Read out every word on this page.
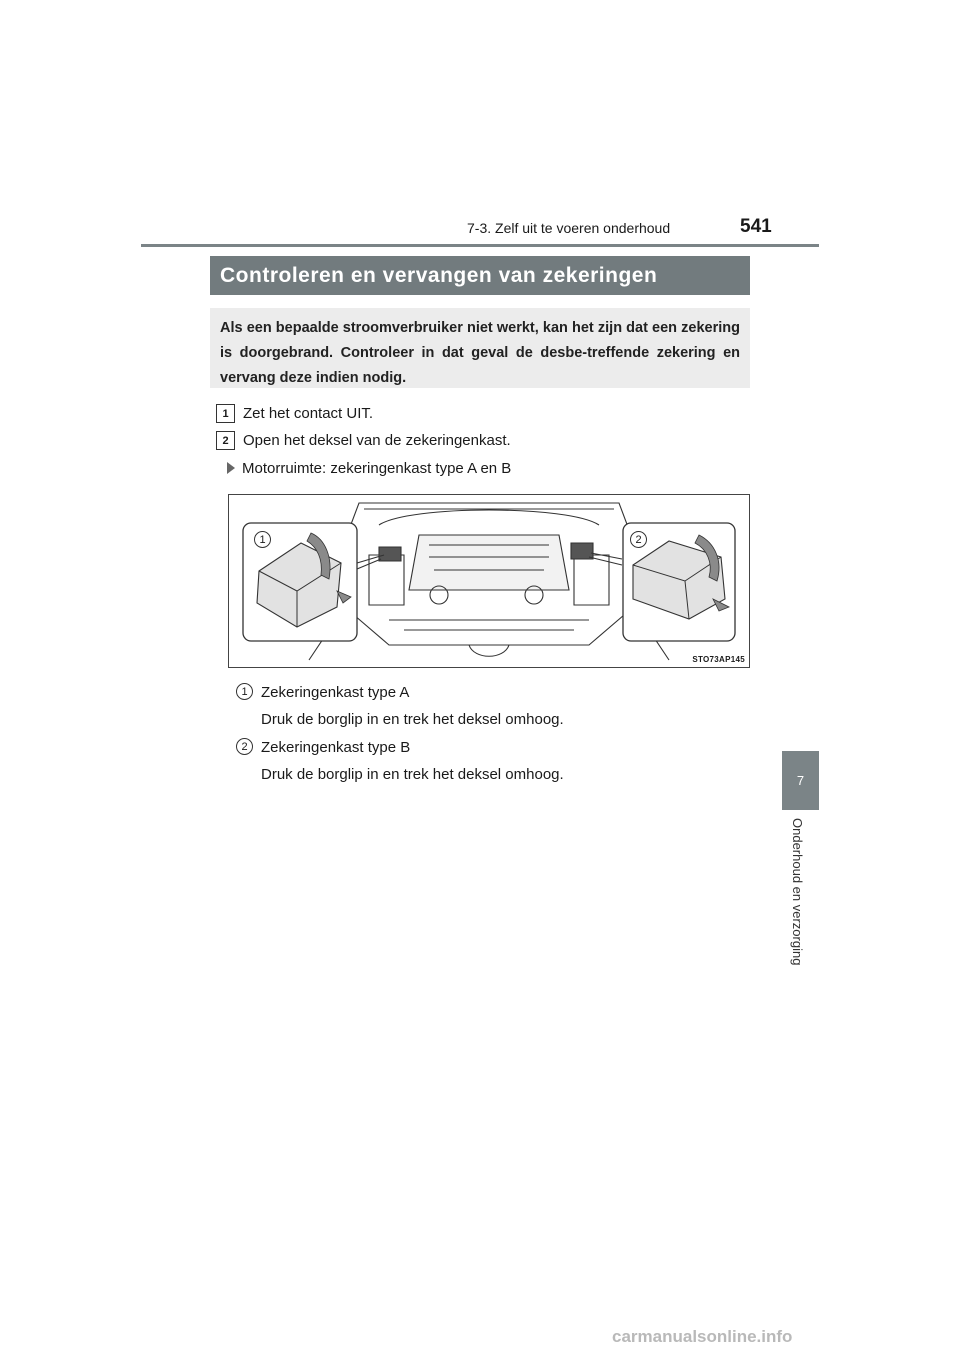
7-3. Zelf uit te voeren onderhoud	541
7
Onderhoud en verzorging
Controleren en vervangen van zekeringen
Als een bepaalde stroomverbruiker niet werkt, kan het zijn dat een zekering is doorgebrand. Controleer in dat geval de desbe-treffende zekering en vervang deze indien nodig.
1 Zet het contact UIT.
2 Open het deksel van de zekeringenkast.
Motorruimte: zekeringenkast type A en B
1	2
STO73AP145
1 Zekeringenkast type A
Druk de borglip in en trek het deksel omhoog.
2 Zekeringenkast type B
Druk de borglip in en trek het deksel omhoog.
carmanualsonline.info
